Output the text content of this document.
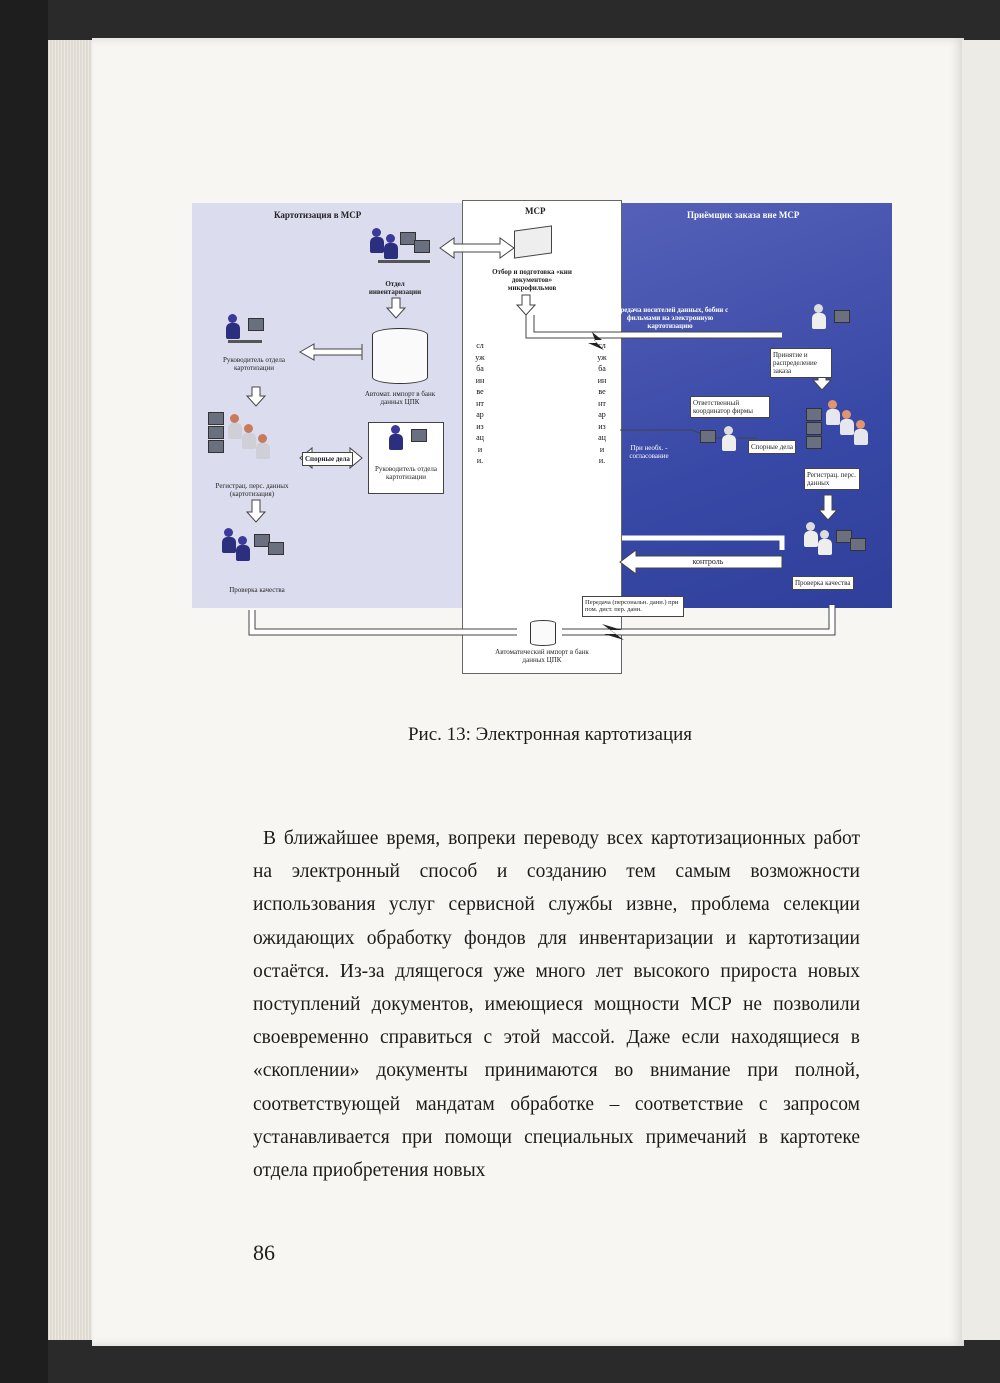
Картотизация в МСР	МСР	Приёмщик заказа вне МСР
Отдел инвентаризации
Отбор и подготовка «кни документов» микрофильмов
Передача носителей данных, бобин с фильмами на электронную картотизацию
Руководитель отдела картотизации
Автомат. импорт в банк данных ЦПК
служба инвентаризации.
служба инвентаризации.
Спорные дела
Регистрац. перс. данных (картотизация)
Руководитель отдела картотизации
Проверка качества
Принятие и распределение заказа
Ответственный координатор фирмы
Спорные дела
При необх. - согласование
Регистрац. перс. данных
Проверка качества
контроль
Передача (персональн. данн.) при пом. дист. пер. данн.
Автоматический импорт в банк данных ЦПК
Рис. 13: Электронная картотизация

В ближайшее время, вопреки переводу всех картотизационных работ на электронный способ и созданию тем самым возможности использования услуг сервисной службы извне, проблема селекции ожидающих обработку фондов для инвентаризации и картотизации остаётся. Из-за длящегося уже много лет высокого прироста новых поступлений документов, имеющиеся мощности МСР не позволили своевременно справиться с этой массой. Даже если находящиеся в «скоплении» документы принимаются во внимание при полной, соответствующей мандатам обработке – соответствие с запросом устанавливается при помощи специальных примечаний в картотеке отдела приобретения новых

86
